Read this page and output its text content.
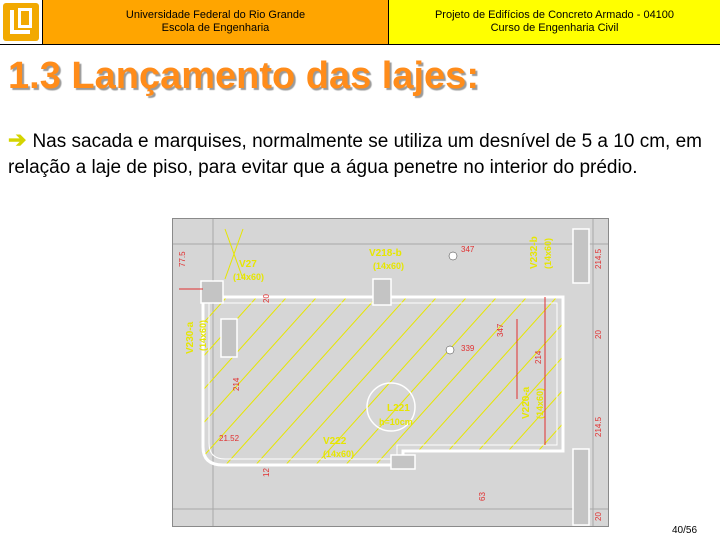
Universidade Federal do Rio Grande
Escola de Engenharia
Projeto de Edifícios de Concreto Armado - 04100
Curso de Engenharia Civil
1.3 Lançamento das lajes:
➔ Nas sacada e marquises, normalmente se utiliza um desnível de 5 a 10 cm, em relação a laje de piso, para evitar que a água penetre no interior do prédio.
V27
(14x60)
V218-b
(14x60)
L221
h=10cm
V222
(14x60)
V232-b (14x60)
V220-a (14x60)
V230-a (14x60)
347
339
77.5	214.5
214
21.52
347
214
214.5
20
12
63
20
20
40/56
